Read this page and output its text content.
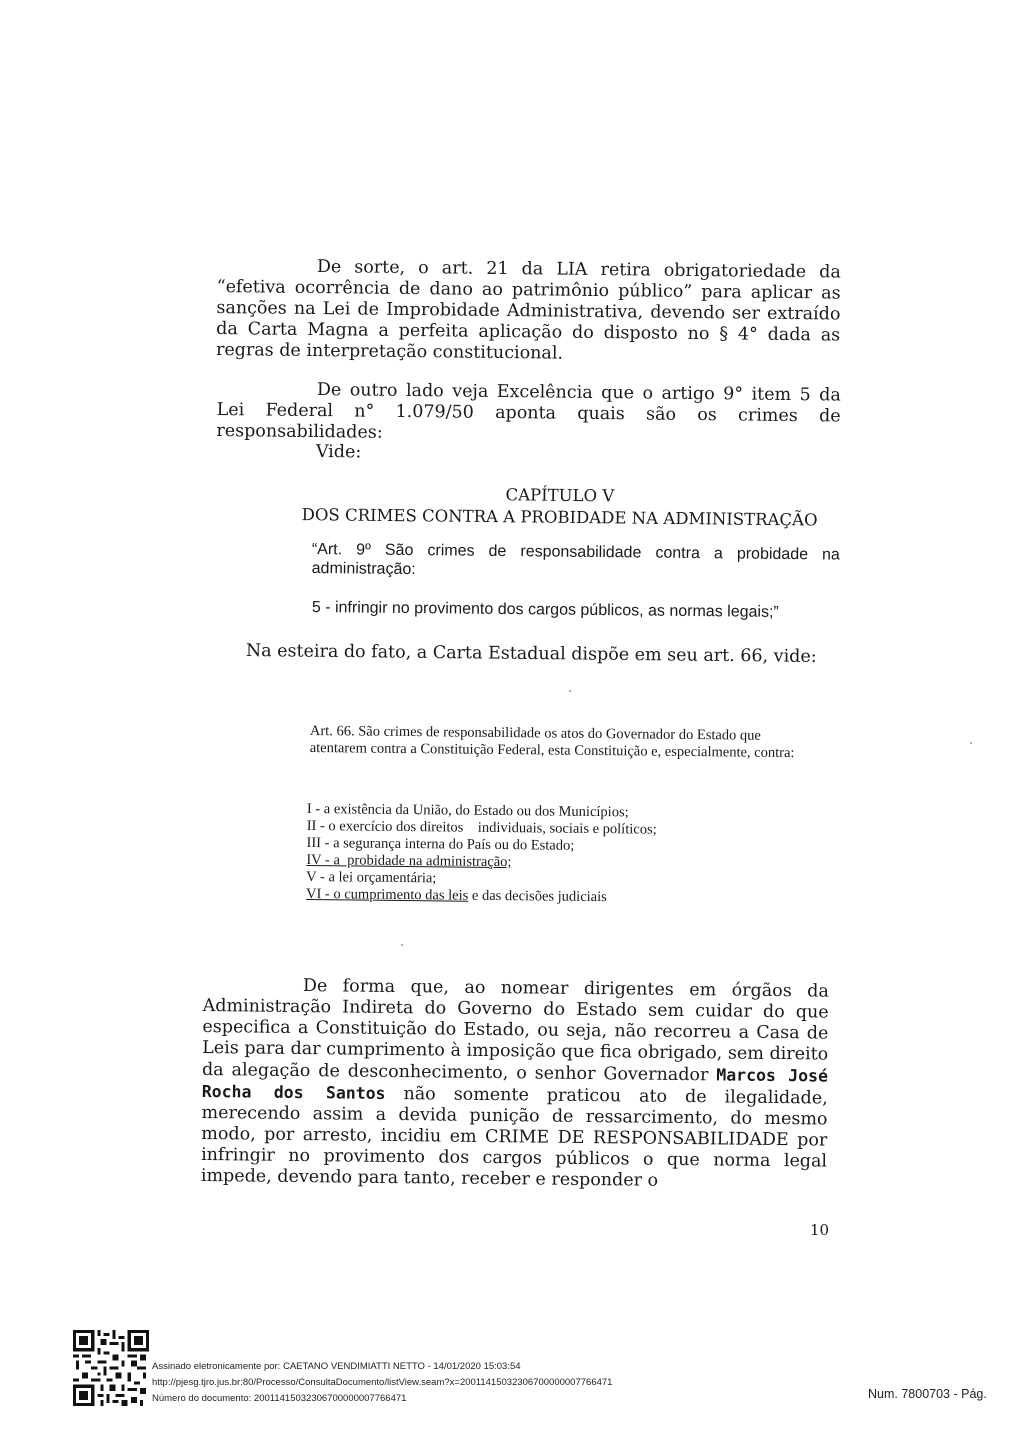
De sorte, o art. 21 da LIA retira obrigatoriedade da “efetiva ocorrência de dano ao patrimônio público” para aplicar as sanções na Lei de Improbidade Administrativa, devendo ser extraído da Carta Magna a perfeita aplicação do disposto no § 4° dada as regras de interpretação constitucional.
De outro lado veja Excelência que o artigo 9° item 5 da Lei Federal n° 1.079/50 aponta quais são os crimes de responsabilidades:
Vide:
CAPÍTULO V
DOS CRIMES CONTRA A PROBIDADE NA ADMINISTRAÇÃO
“Art. 9º São crimes de responsabilidade contra a probidade na administração:
5 - infringir no provimento dos cargos públicos, as normas legais;”
Na esteira do fato, a Carta Estadual dispõe em seu art. 66, vide:
Art. 66. São crimes de responsabilidade os atos do Governador do Estado que atentarem contra a Constituição Federal, esta Constituição e, especialmente, contra:
I - a existência da União, do Estado ou dos Municípios;
II - o exercício dos direitos    individuais, sociais e políticos;
III - a segurança interna do País ou do Estado;
IV - a  probidade na administração;
V - a lei orçamentária;
VI - o cumprimento das leis e das decisões judiciais
De forma que, ao nomear dirigentes em órgãos da Administração Indireta do Governo do Estado sem cuidar do que especifica a Constituição do Estado, ou seja, não recorreu a Casa de Leis para dar cumprimento à imposição que fica obrigado, sem direito da alegação de desconhecimento, o senhor Governador Marcos José Rocha dos Santos não somente praticou ato de ilegalidade, merecendo assim a devida punição de ressarcimento, do mesmo modo, por arresto, incidiu em CRIME DE RESPONSABILIDADE por infringir no provimento dos cargos públicos o que norma legal impede, devendo para tanto, receber e responder o
10
Assinado eletronicamente por: CAETANO VENDIMIATTI NETTO - 14/01/2020 15:03:54
http://pjesg.tjro.jus.br:80/Processo/ConsultaDocumento/listView.seam?x=20011415032306700000007766471
Número do documento: 20011415032306700000007766471	Num. 7800703 - Pág.
